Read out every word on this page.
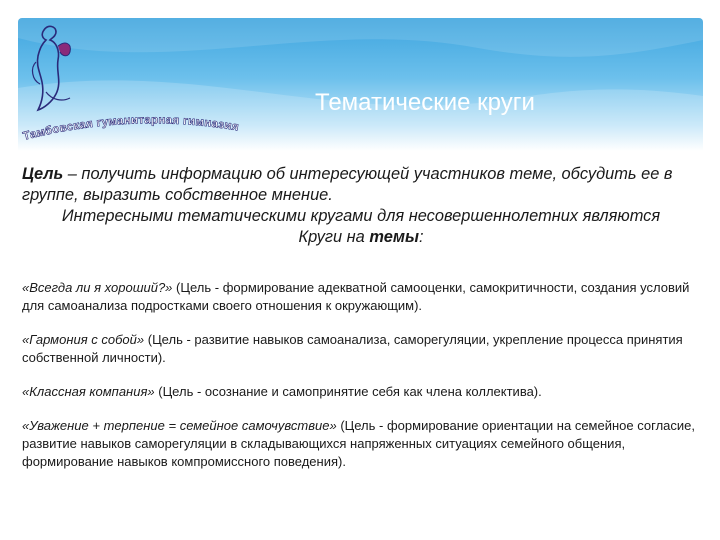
Тематические круги
Тамбовская гуманитарная гимназия
Цель – получить информацию об интересующей участников теме, обсудить ее в группе, выразить собственное мнение.
Интересными тематическими кругами для несовершеннолетних являются Круги на темы:
«Всегда ли я хороший?» (Цель - формирование адекватной самооценки, самокритичности, создания условий для самоанализа подростками своего отношения к окружающим).
«Гармония с собой» (Цель - развитие навыков самоанализа, саморегуляции, укрепление процесса принятия собственной личности).
«Классная компания» (Цель - осознание и самопринятие себя как члена коллектива).
«Уважение + терпение = семейное самочувствие» (Цель - формирование ориентации на семейное согласие, развитие навыков саморегуляции в складывающихся напряженных ситуациях семейного общения, формирование навыков компромиссного поведения).
